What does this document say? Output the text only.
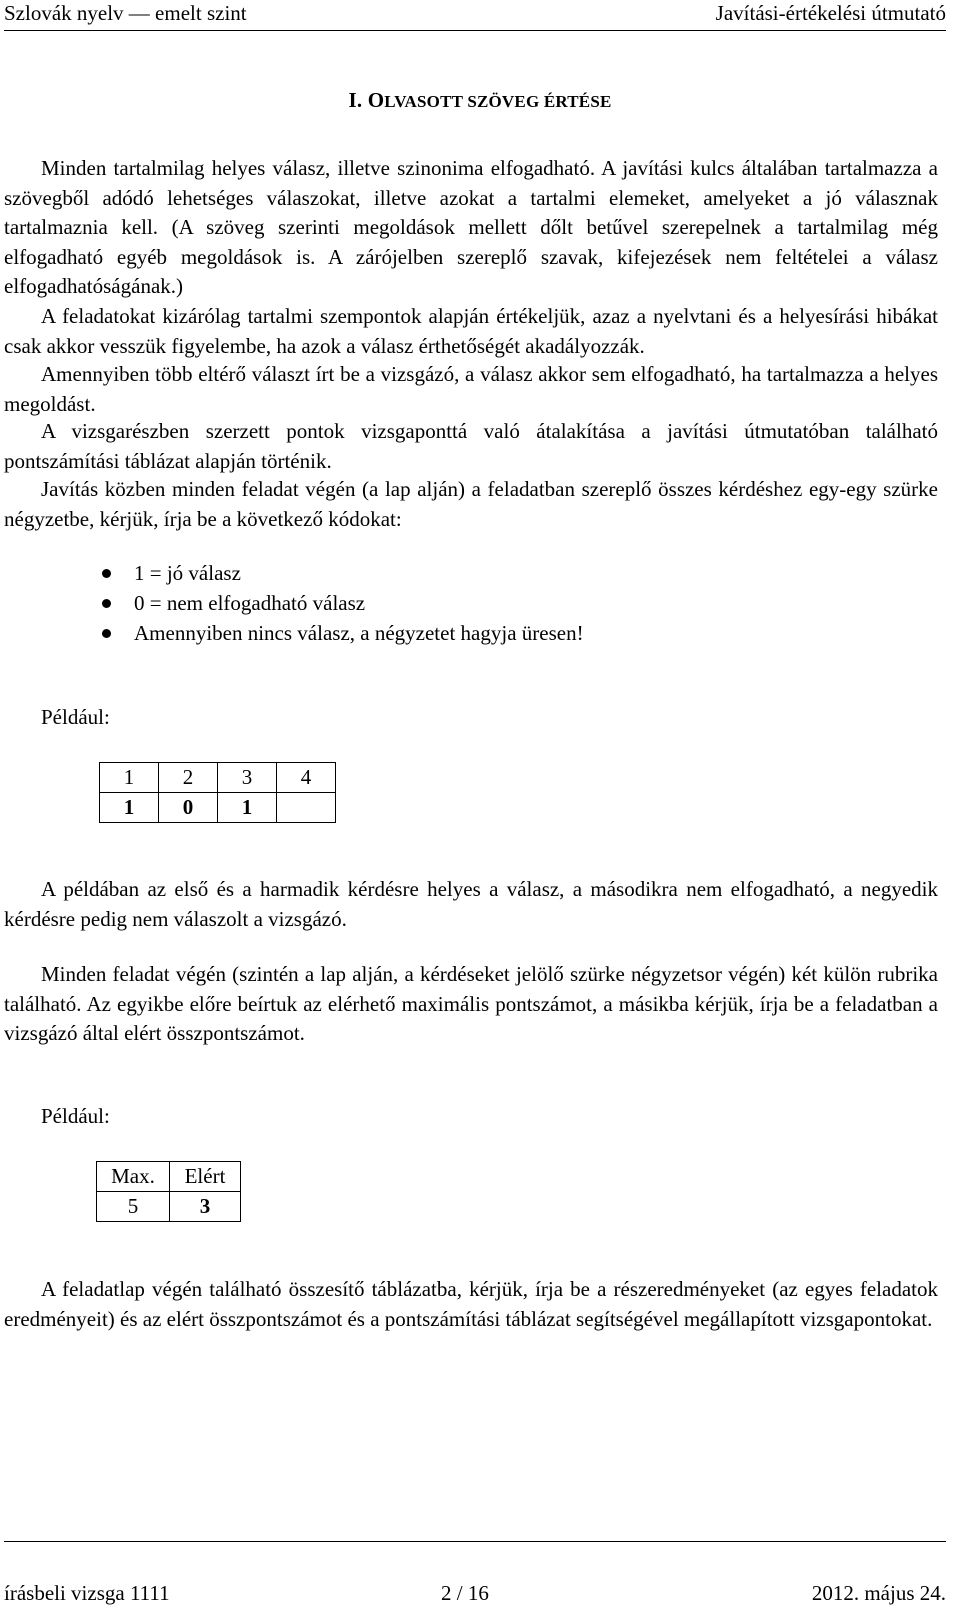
Szlovák nyelv — emelt szint	Javítási-értékelési útmutató
I. OLVASOTT SZÖVEG ÉRTÉSE

Minden tartalmilag helyes válasz, illetve szinonima elfogadható. A javítási kulcs általában tartalmazza a szövegből adódó lehetséges válaszokat, illetve azokat a tartalmi elemeket, amelyeket a jó válasznak tartalmaznia kell. (A szöveg szerinti megoldások mellett dőlt betűvel szerepelnek a tartalmilag még elfogadható egyéb megoldások is. A zárójelben szereplő szavak, kifejezések nem feltételei a válasz elfogadhatóságának.)

A feladatokat kizárólag tartalmi szempontok alapján értékeljük, azaz a nyelvtani és a helyesírási hibákat csak akkor vesszük figyelembe, ha azok a válasz érthetőségét akadályozzák.

Amennyiben több eltérő választ írt be a vizsgázó, a válasz akkor sem elfogadható, ha tartalmazza a helyes megoldást.

A vizsgarészben szerzett pontok vizsgaponttá való átalakítása a javítási útmutatóban található pontszámítási táblázat alapján történik.

Javítás közben minden feladat végén (a lap alján) a feladatban szereplő összes kérdéshez egy-egy szürke négyzetbe, kérjük, írja be a következő kódokat:

1 = jó válasz
0 = nem elfogadható válasz
Amennyiben nincs válasz, a négyzetet hagyja üresen!
Például:
1	2	3	4
1	0	1	

A példában az első és a harmadik kérdésre helyes a válasz, a másodikra nem elfogadható, a negyedik kérdésre pedig nem válaszolt a vizsgázó.

Minden feladat végén (szintén a lap alján, a kérdéseket jelölő szürke négyzetsor végén) két külön rubrika található. Az egyikbe előre beírtuk az elérhető maximális pontszámot, a másikba kérjük, írja be a feladatban a vizsgázó által elért összpontszámot.

Például:
Max.	Elért
5	3

A feladatlap végén található összesítő táblázatba, kérjük, írja be a részeredményeket (az egyes feladatok eredményeit) és az elért összpontszámot és a pontszámítási táblázat segítségével megállapított vizsgapontokat.

írásbeli vizsga 1111	2 / 16	2012. május 24.
